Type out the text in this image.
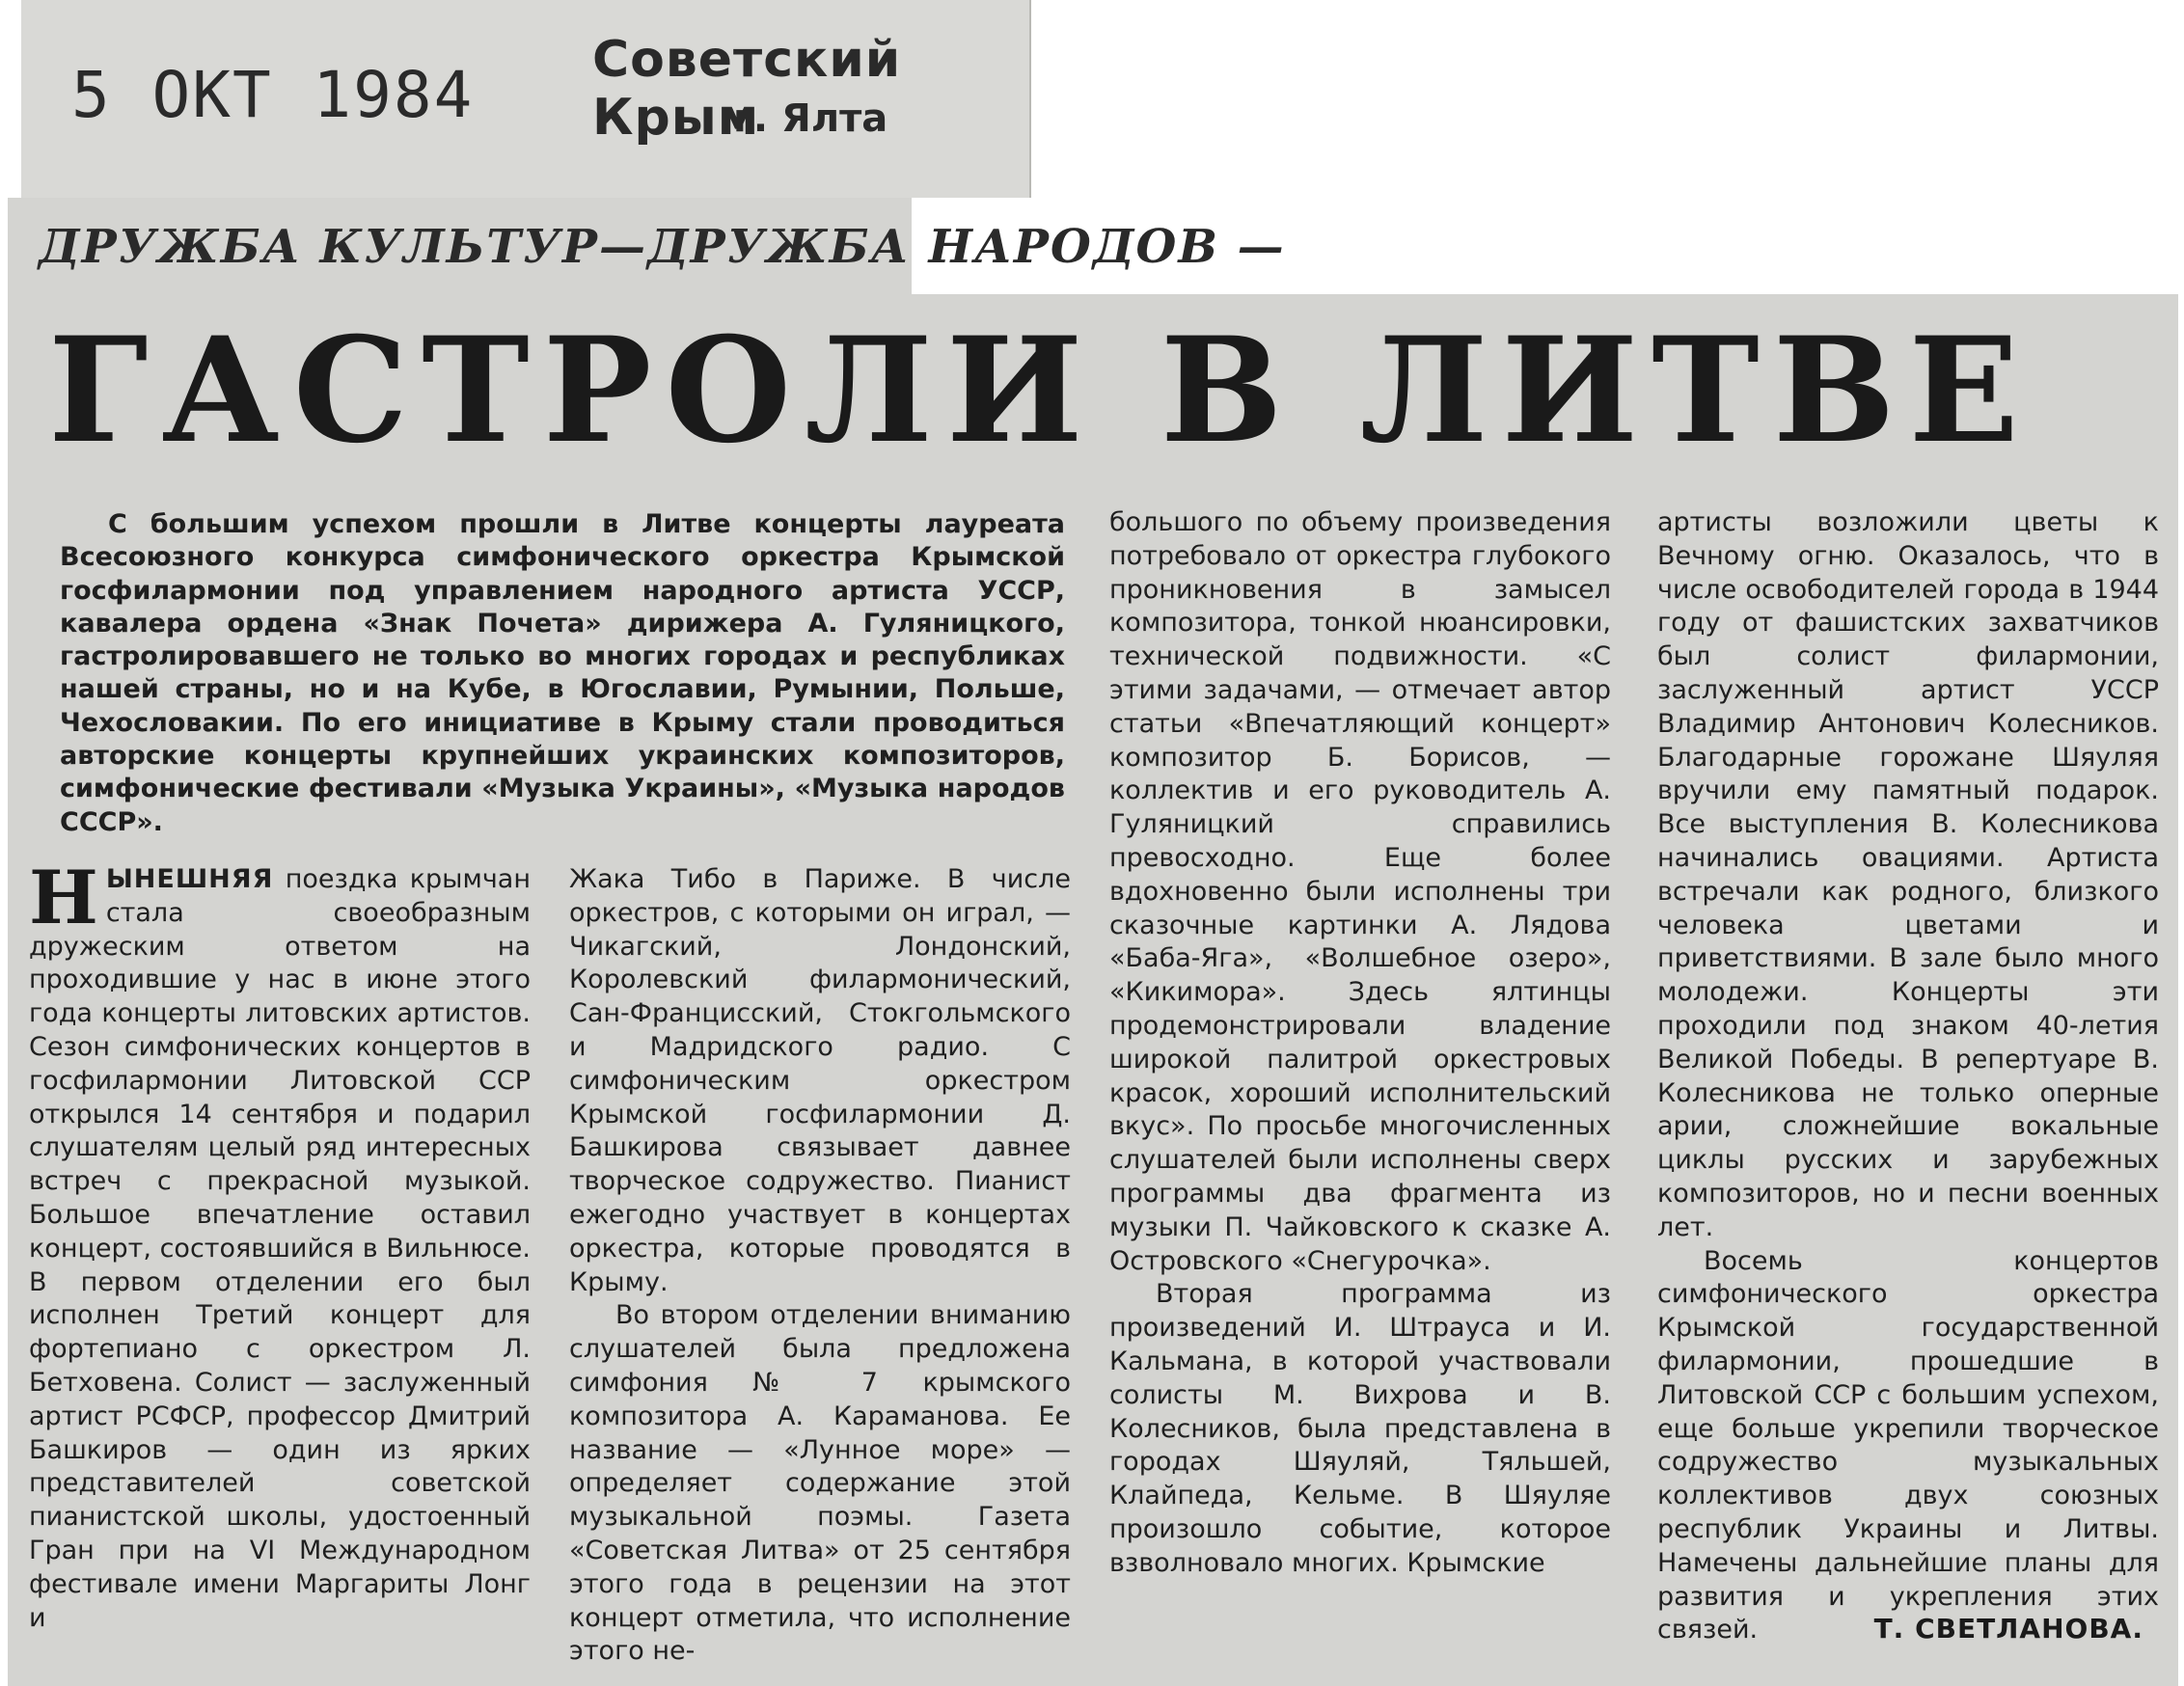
5 ОКТ 1984 Советский Крым
г. Ялта
ДРУЖБА КУЛЬТУР—ДРУЖБА НАРОДОВ —
ГАСТРОЛИ В ЛИТВЕ

С большим успехом прошли в Литве концерты лауреата Всесоюзного конкурса симфонического оркестра Крымской госфилармонии под управлением народного артиста УССР, кавалера ордена «Знак Почета» дирижера А. Гуляницкого, гастролировавшего не только во многих городах и республиках нашей страны, но и на Кубе, в Югославии, Румынии, Польше, Чехословакии. По его инициативе в Крыму стали проводиться авторские концерты крупнейших украинских композиторов, симфонические фестивали «Музыка Украины», «Музыка народов СССР».

НЫНЕШНЯЯ поездка крымчан стала своеобразным дружеским ответом на проходившие у нас в июне этого года концерты литовских артистов. Сезон симфонических концертов в госфилармонии Литовской ССР открылся 14 сентября и подарил слушателям целый ряд интересных встреч с прекрасной музыкой. Большое впечатление оставил концерт, состоявшийся в Вильнюсе. В первом отделении его был исполнен Третий концерт для фортепиано с оркестром Л. Бетховена. Солист — заслуженный артист РСФСР, профессор Дмитрий Башкиров — один из ярких представителей советской пианистской школы, удостоенный Гран при на VI Международном фестивале имени Маргариты Лонг и

Жака Тибо в Париже. В числе оркестров, с которыми он играл, — Чикагский, Лондонский, Королевский филармонический, Сан-Францисский, Стокгольмского и Мадридского радио. С симфоническим оркестром Крымской госфилармонии Д. Башкирова связывает давнее творческое содружество. Пианист ежегодно участвует в концертах оркестра, которые проводятся в Крыму.

Во втором отделении вниманию слушателей была предложена симфония № 7 крымского композитора А. Караманова. Ее название — «Лунное море» — определяет содержание этой музыкальной поэмы. Газета «Советская Литва» от 25 сентября этого года в рецензии на этот концерт отметила, что исполнение этого не-

большого по объему произведения потребовало от оркестра глубокого проникновения в замысел композитора, тонкой нюансировки, технической подвижности. «С этими задачами, — отмечает автор статьи «Впечатляющий концерт» композитор Б. Борисов, — коллектив и его руководитель А. Гуляницкий справились превосходно. Еще более вдохновенно были исполнены три сказочные картинки А. Лядова «Баба-Яга», «Волшебное озеро», «Кикимора». Здесь ялтинцы продемонстрировали владение широкой палитрой оркестровых красок, хороший исполнительский вкус». По просьбе многочисленных слушателей были исполнены сверх программы два фрагмента из музыки П. Чайковского к сказке А. Островского «Снегурочка».

Вторая программа из произведений И. Штрауса и И. Кальмана, в которой участвовали солисты М. Вихрова и В. Колесников, была представлена в городах Шяуляй, Тяльшей, Клайпеда, Кельме. В Шяуляе произошло событие, которое взволновало многих. Крымские

артисты возложили цветы к Вечному огню. Оказалось, что в числе освободителей города в 1944 году от фашистских захватчиков был солист филармонии, заслуженный артист УССР Владимир Антонович Колесников. Благодарные горожане Шяуляя вручили ему памятный подарок. Все выступления В. Колесникова начинались овациями. Артиста встречали как родного, близкого человека цветами и приветствиями. В зале было много молодежи. Концерты эти проходили под знаком 40-летия Великой Победы. В репертуаре В. Колесникова не только оперные арии, сложнейшие вокальные циклы русских и зарубежных композиторов, но и песни военных лет.

Восемь концертов симфонического оркестра Крымской государственной филармонии, прошедшие в Литовской ССР с большим успехом, еще больше укрепили творческое содружество музыкальных коллективов двух союзных республик Украины и Литвы. Намечены дальнейшие планы для развития и укрепления этих связей.	Т. СВЕТЛАНОВА.
